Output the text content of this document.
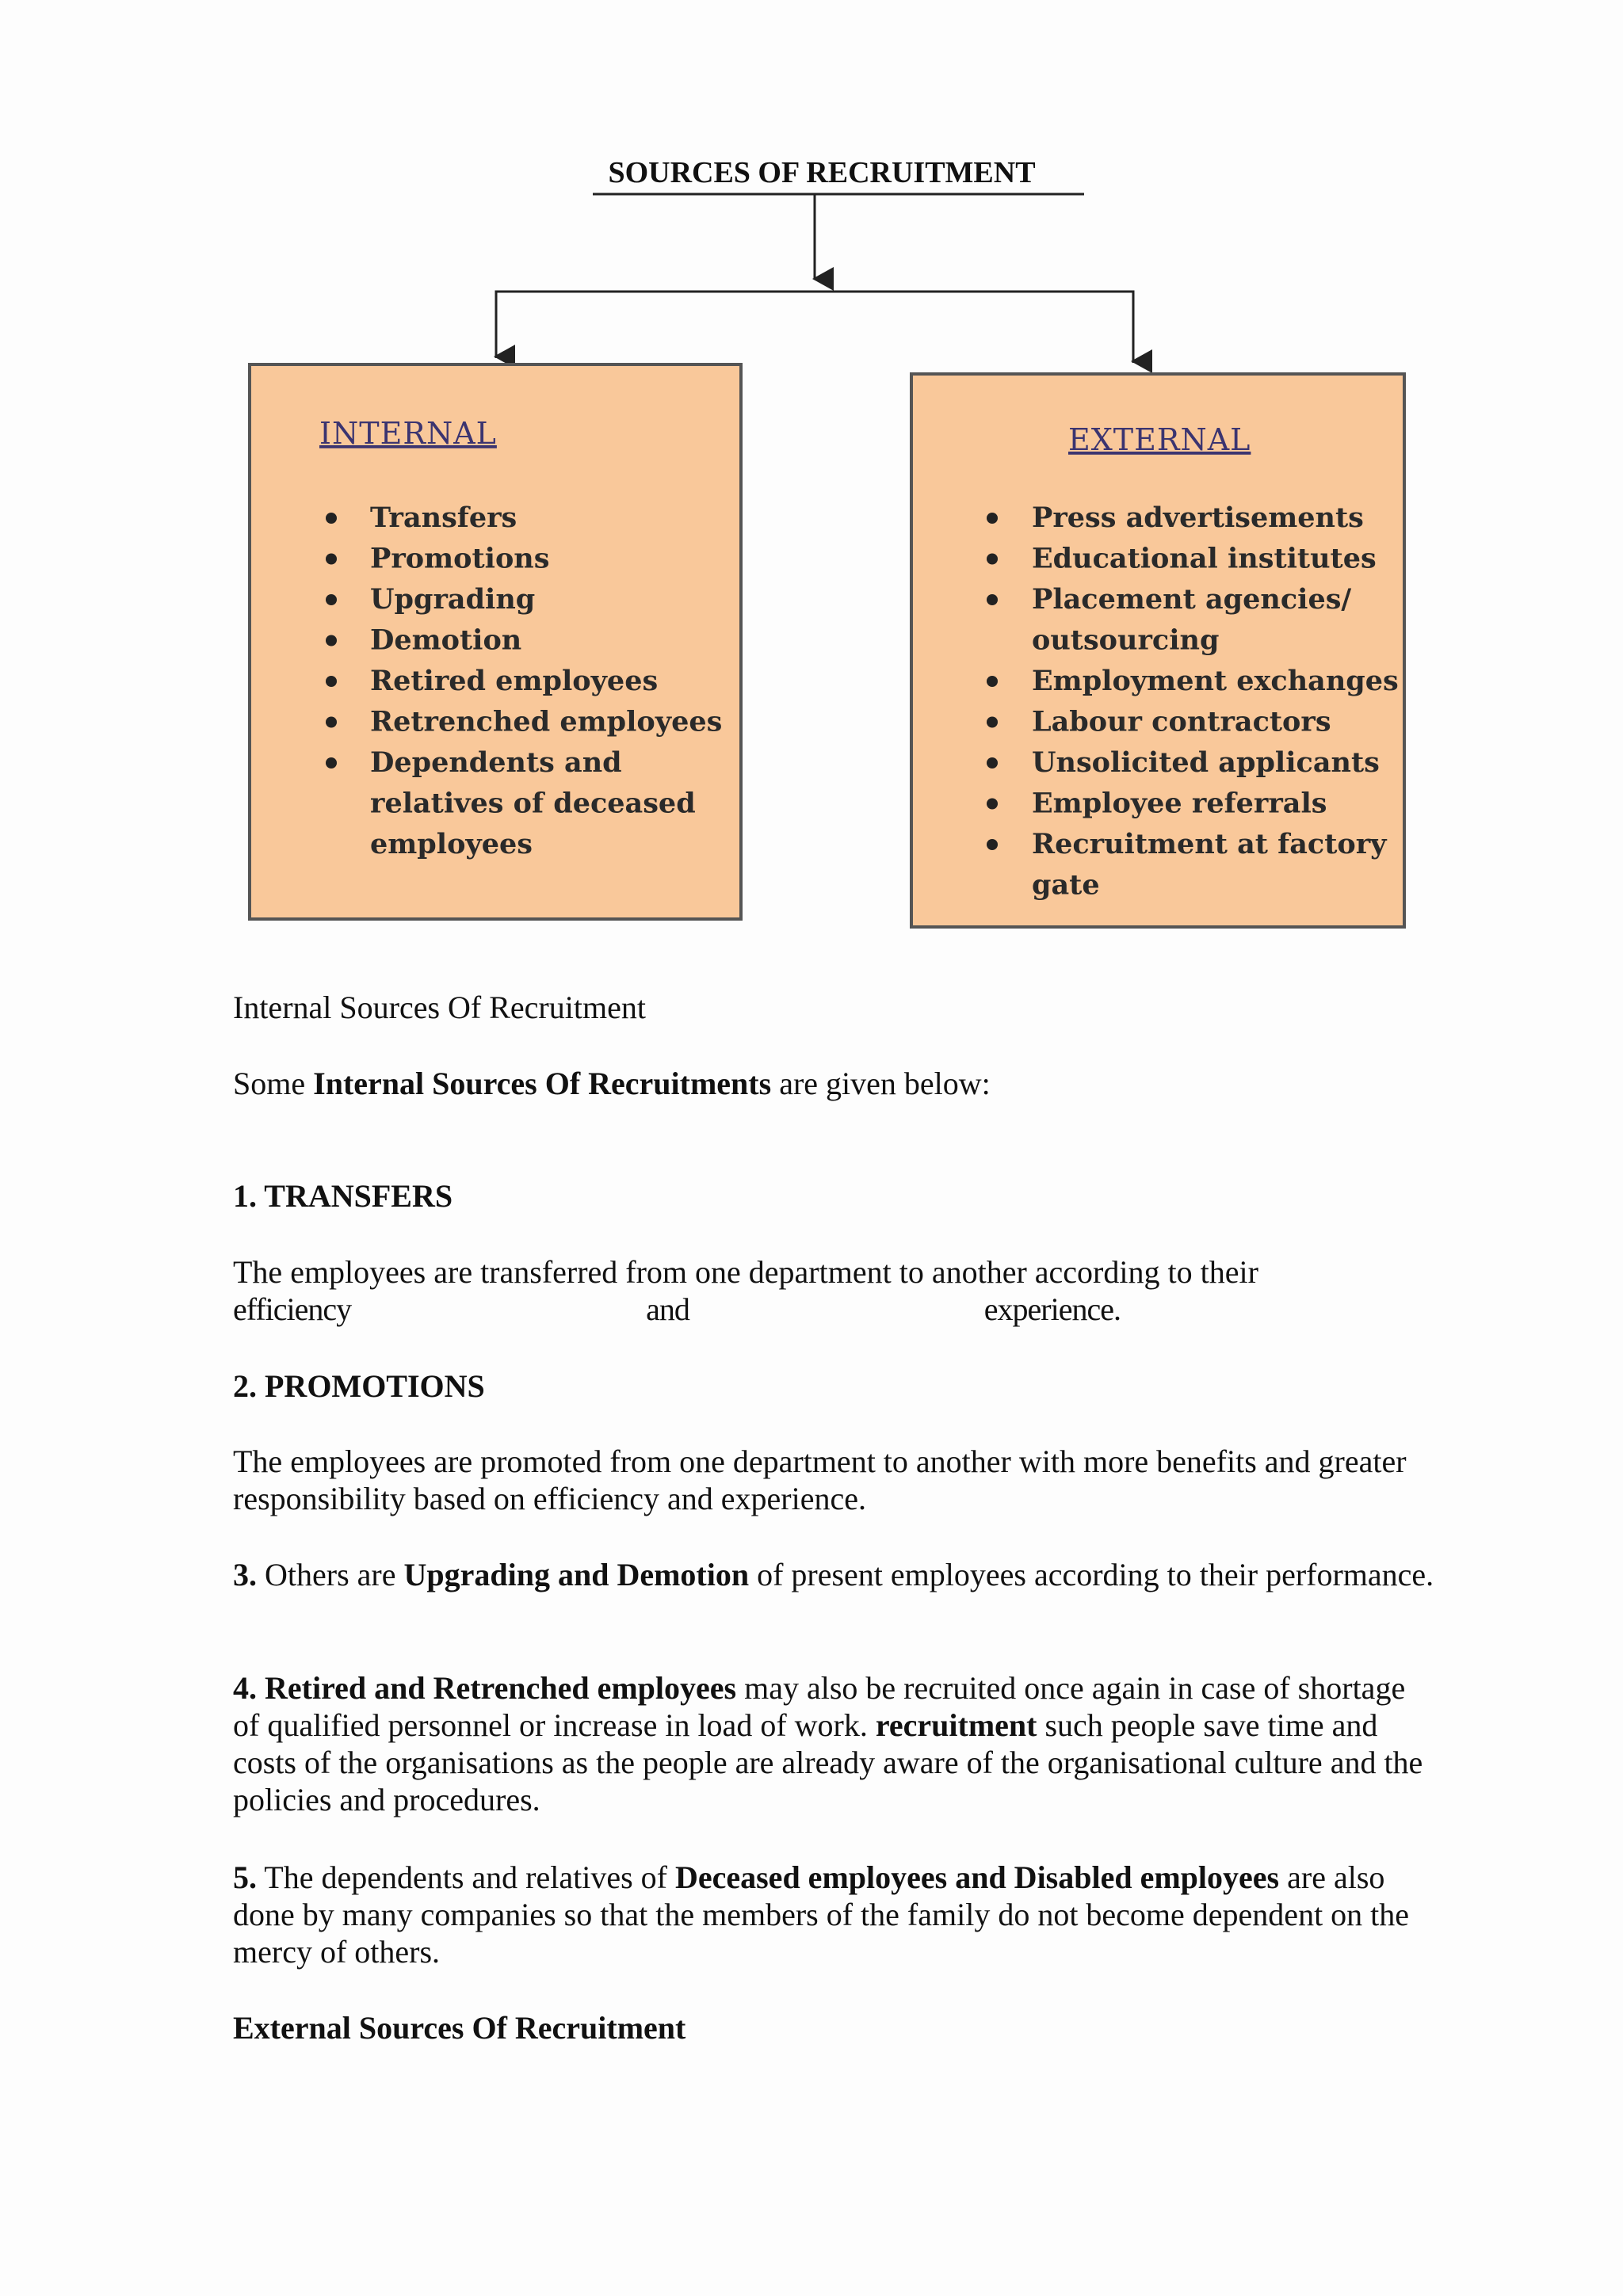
SOURCES OF RECRUITMENT
INTERNAL
Transfers
Promotions
Upgrading
Demotion
Retired employees
Retrenched employees
Dependents and
relatives of deceased
employees
EXTERNAL
Press advertisements
Educational institutes
Placement agencies/
outsourcing
Employment exchanges
Labour contractors
Unsolicited applicants
Employee referrals
Recruitment at factory
gate

Internal Sources Of Recruitment

Some Internal Sources Of Recruitments are given below:

1. TRANSFERS

The employees are transferred from one department to another according to their

efficiency	and	experience.

2. PROMOTIONS

The employees are promoted from one department to another with more benefits and greater responsibility based on efficiency and experience.

3. Others are Upgrading and Demotion of present employees according to their performance.

4. Retired and Retrenched employees may also be recruited once again in case of shortage of qualified personnel or increase in load of work. recruitment such people save time and costs of the organisations as the people are already aware of the organisational culture and the policies and procedures.

5. The dependents and relatives of Deceased employees and Disabled employees are also done by many companies so that the members of the family do not become dependent on the mercy of others.

External Sources Of Recruitment
